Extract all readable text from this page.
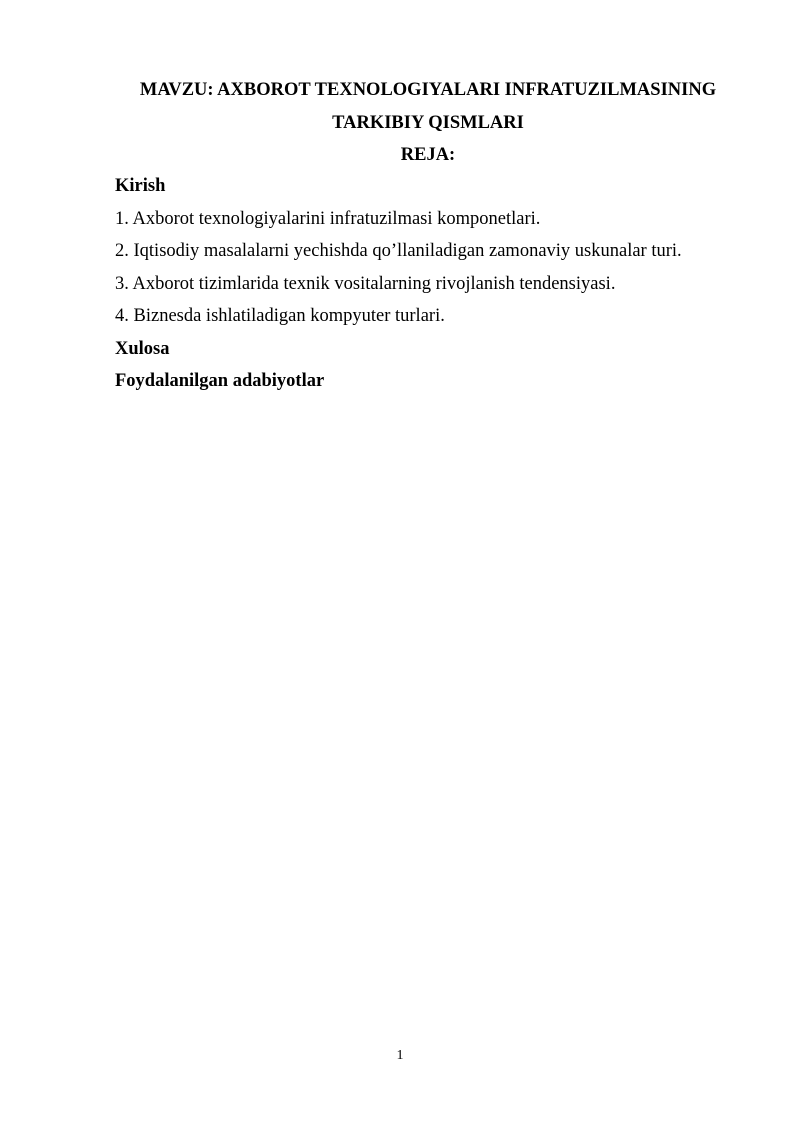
MAVZU: AXBOROT TEXNOLOGIYALARI INFRATUZILMASINING
TARKIBIY QISMLARI
REJA:
Kirish
1. Axborot texnologiyalarini infratuzilmasi komponetlari.
2. Iqtisodiy masalalarni yechishda qo’llaniladigan zamonaviy uskunalar turi.
3. Axborot tizimlarida texnik vositalarning rivojlanish tendensiyasi.
4. Biznesda ishlatiladigan kompyuter turlari.
Xulosa
Foydalanilgan adabiyotlar
1
